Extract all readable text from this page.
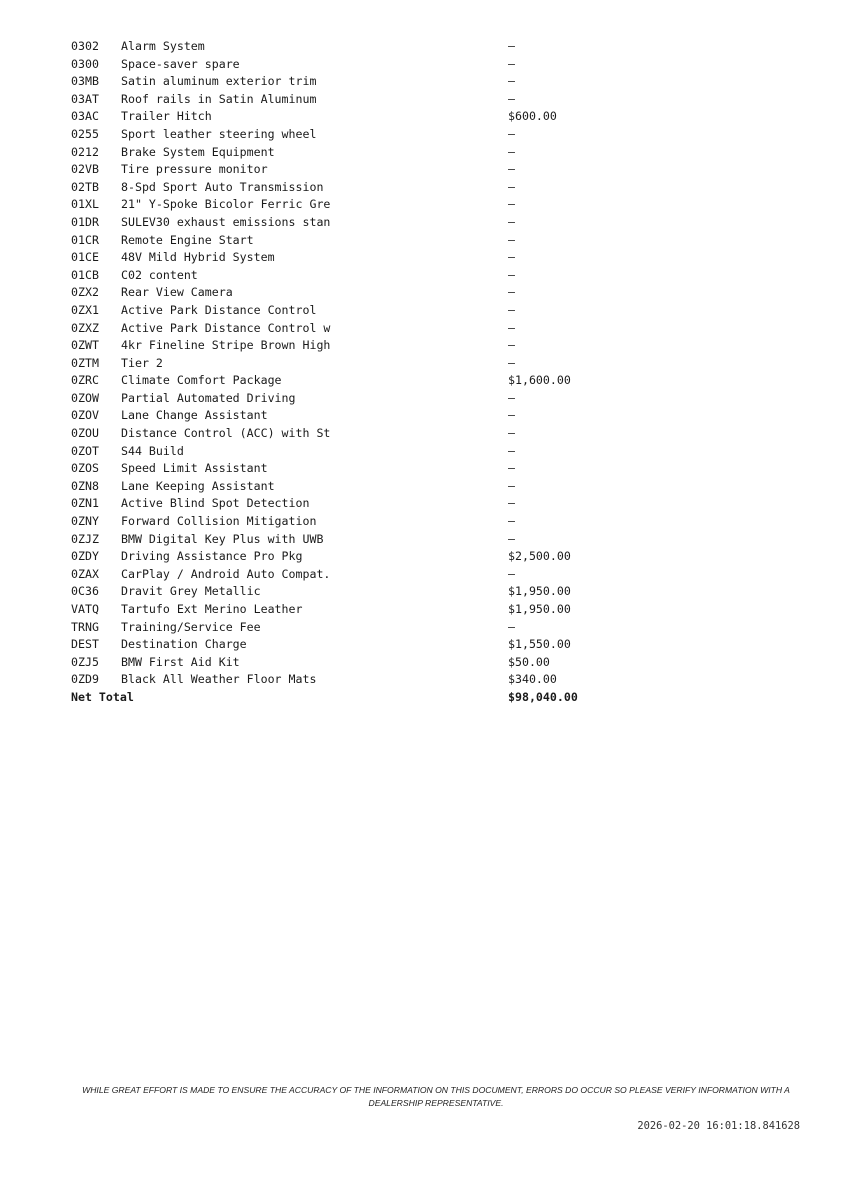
0302 Alarm System	—
0300 Space-saver spare	—
03MB Satin aluminum exterior trim	—
03AT Roof rails in Satin Aluminum	—
03AC Trailer Hitch	$600.00
0255 Sport leather steering wheel	—
0212 Brake System Equipment	—
02VB Tire pressure monitor	—
02TB 8-Spd Sport Auto Transmission	—
01XL 21" Y-Spoke Bicolor Ferric Gre	—
01DR SULEV30 exhaust emissions stan	—
01CR Remote Engine Start	—
01CE 48V Mild Hybrid System	—
01CB C02 content	—
0ZX2 Rear View Camera	—
0ZX1 Active Park Distance Control	—
0ZXZ Active Park Distance Control w	—
0ZWT 4kr Fineline Stripe Brown High	—
0ZTM Tier 2	—
0ZRC Climate Comfort Package	$1,600.00
0ZOW Partial Automated Driving	—
0ZOV Lane Change Assistant	—
0ZOU Distance Control (ACC) with St	—
0ZOT S44 Build	—
0ZOS Speed Limit Assistant	—
0ZN8 Lane Keeping Assistant	—
0ZN1 Active Blind Spot Detection	—
0ZNY Forward Collision Mitigation	—
0ZJZ BMW Digital Key Plus with UWB	—
0ZDY Driving Assistance Pro Pkg	$2,500.00
0ZAX CarPlay / Android Auto Compat.	—
0C36 Dravit Grey Metallic	$1,950.00
VATQ Tartufo Ext Merino Leather	$1,950.00
TRNG Training/Service Fee	—
DEST Destination Charge	$1,550.00
0ZJ5 BMW First Aid Kit	$50.00
0ZD9 Black All Weather Floor Mats	$340.00
Net Total	$98,040.00
WHILE GREAT EFFORT IS MADE TO ENSURE THE ACCURACY OF THE INFORMATION ON THIS DOCUMENT, ERRORS DO OCCUR SO PLEASE VERIFY INFORMATION WITH A DEALERSHIP REPRESENTATIVE.
2026-02-20 16:01:18.841628
